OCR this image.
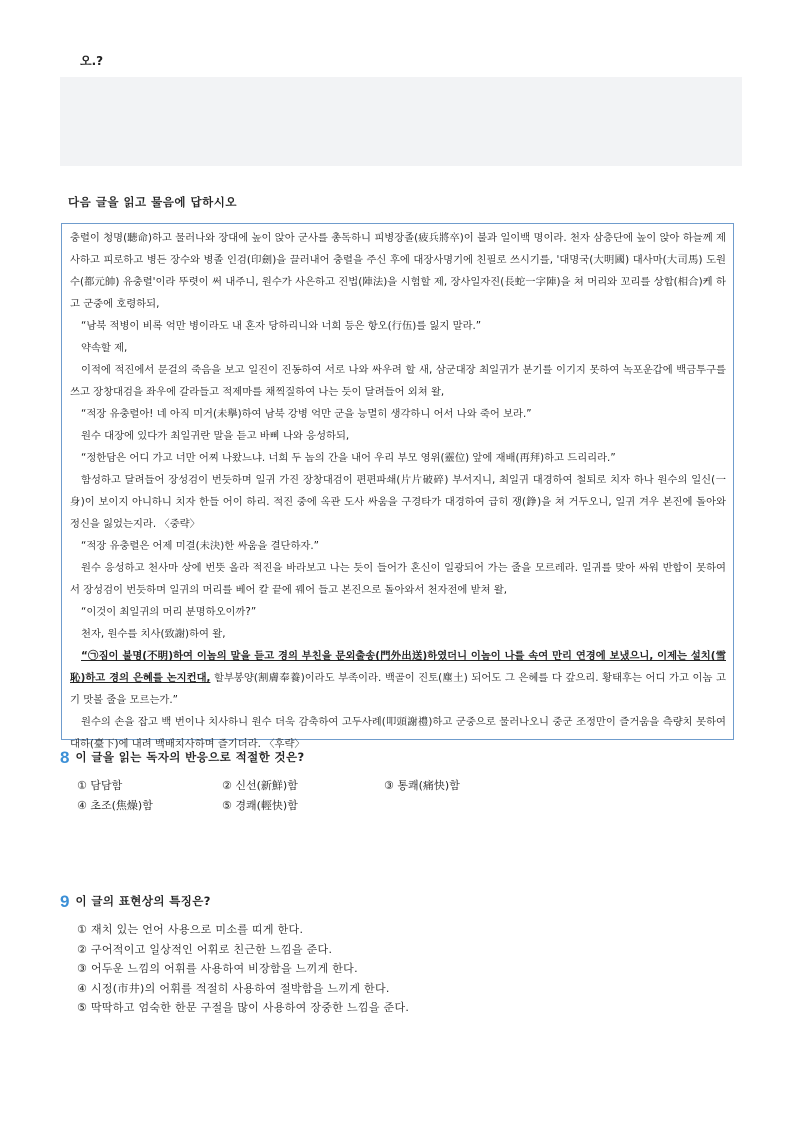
오.?
다음 글을 읽고 물음에 답하시오

충렬이 청명(聽命)하고 물러나와 장대에 높이 앉아 군사를 총독하니 피병장졸(疲兵將卒)이 불과 일이백 명이라. 천자 삼층단에 높이 앉아 하늘께 제사하고 피로하고 병든 장수와 병졸 인검(印劍)을 끌러내어 충렬을 주신 후에 대장사명기에 친필로 쓰시기를, '대명국(大明國) 대사마(大司馬) 도원수(都元帥) 유충렬'이라 뚜렷이 써 내주니, 원수가 사은하고 진법(陣法)을 시험할 제, 장사일자진(長蛇一字陣)을 쳐 머리와 꼬리를 상합(相合)케 하고 군중에 호령하되,

“남북 적병이 비록 억만 병이라도 내 혼자 당하리니와 너희 등은 항오(行伍)를 잃지 말라.”

약속할 제,

이적에 적진에서 문걸의 죽음을 보고 일진이 진동하여 서로 나와 싸우려 할 새, 삼군대장 최일귀가 분기를 이기지 못하여 녹포운갑에 백금투구를 쓰고 장창대검을 좌우에 갈라들고 적제마를 채찍질하여 나는 듯이 달려들어 외쳐 왈,

“적장 유충렬아! 네 아직 미거(未擧)하여 남북 강병 억만 군을 능멸히 생각하니 어서 나와 죽어 보라.”

원수 대장에 있다가 최일귀란 말을 듣고 바삐 나와 응성하되,

“정한담은 어디 가고 너만 어찌 나왔느냐. 너희 두 놈의 간을 내어 우리 부모 영위(靈位) 앞에 재배(再拜)하고 드리리라.”

함성하고 달려들어 장성검이 번듯하며 일귀 가진 장창대검이 편편파쇄(片片破碎) 부서지니, 최일귀 대경하여 철퇴로 치자 하나 원수의 일신(一身)이 보이지 아니하니 치자 한들 어이 하리. 적진 중에 옥관 도사 싸움을 구경타가 대경하여 급히 쟁(錚)을 쳐 거두오니, 일귀 겨우 본진에 돌아와 정신을 잃었는지라. 〈중략〉

“적장 유충렬은 어제 미결(未決)한 싸움을 결단하자.”

원수 응성하고 천사마 상에 번뜻 올라 적진을 바라보고 나는 듯이 들어가 혼신이 일광되어 가는 줄을 모르레라. 일귀를 맞아 싸워 반합이 못하여서 장성검이 번듯하며 일귀의 머리를 베어 칼 끝에 꿰어 들고 본진으로 돌아와서 천자전에 받쳐 왈,

“이것이 최일귀의 머리 분명하오이까?”

천자, 원수를 치사(致謝)하여 왈,

“㉠짐이 불명(不明)하여 이놈의 말을 듣고 경의 부친을 문외출송(門外出送)하였더니 이놈이 나를 속여 만리 연경에 보냈으니, 이제는 설치(雪恥)하고 경의 은혜를 논지컨대, 할부봉양(割膚奉養)이라도 부족이라. 백골이 진토(塵土) 되어도 그 은혜를 다 갚으리. 황태후는 어디 가고 이놈 고기 맛볼 줄을 모르는가.”

원수의 손을 잡고 백 번이나 치사하니 원수 더욱 감축하여 고두사례(叩頭謝禮)하고 군중으로 물러나오니 중군 조정만이 즐거움을 측량치 못하여 대하(臺下)에 내려 백배치사하며 즐기더라. 〈후략〉

8 이 글을 읽는 독자의 반응으로 적절한 것은?
① 담담함	② 신선(新鮮)함	③ 통쾌(痛快)함
④ 초조(焦燥)함	⑤ 경쾌(輕快)함
9 이 글의 표현상의 특징은?
① 재치 있는 언어 사용으로 미소를 띠게 한다.
② 구어적이고 일상적인 어휘로 친근한 느낌을 준다.
③ 어두운 느낌의 어휘를 사용하여 비장함을 느끼게 한다.
④ 시정(市井)의 어휘를 적절히 사용하여 절박함을 느끼게 한다.
⑤ 딱딱하고 엄숙한 한문 구절을 많이 사용하여 장중한 느낌을 준다.
